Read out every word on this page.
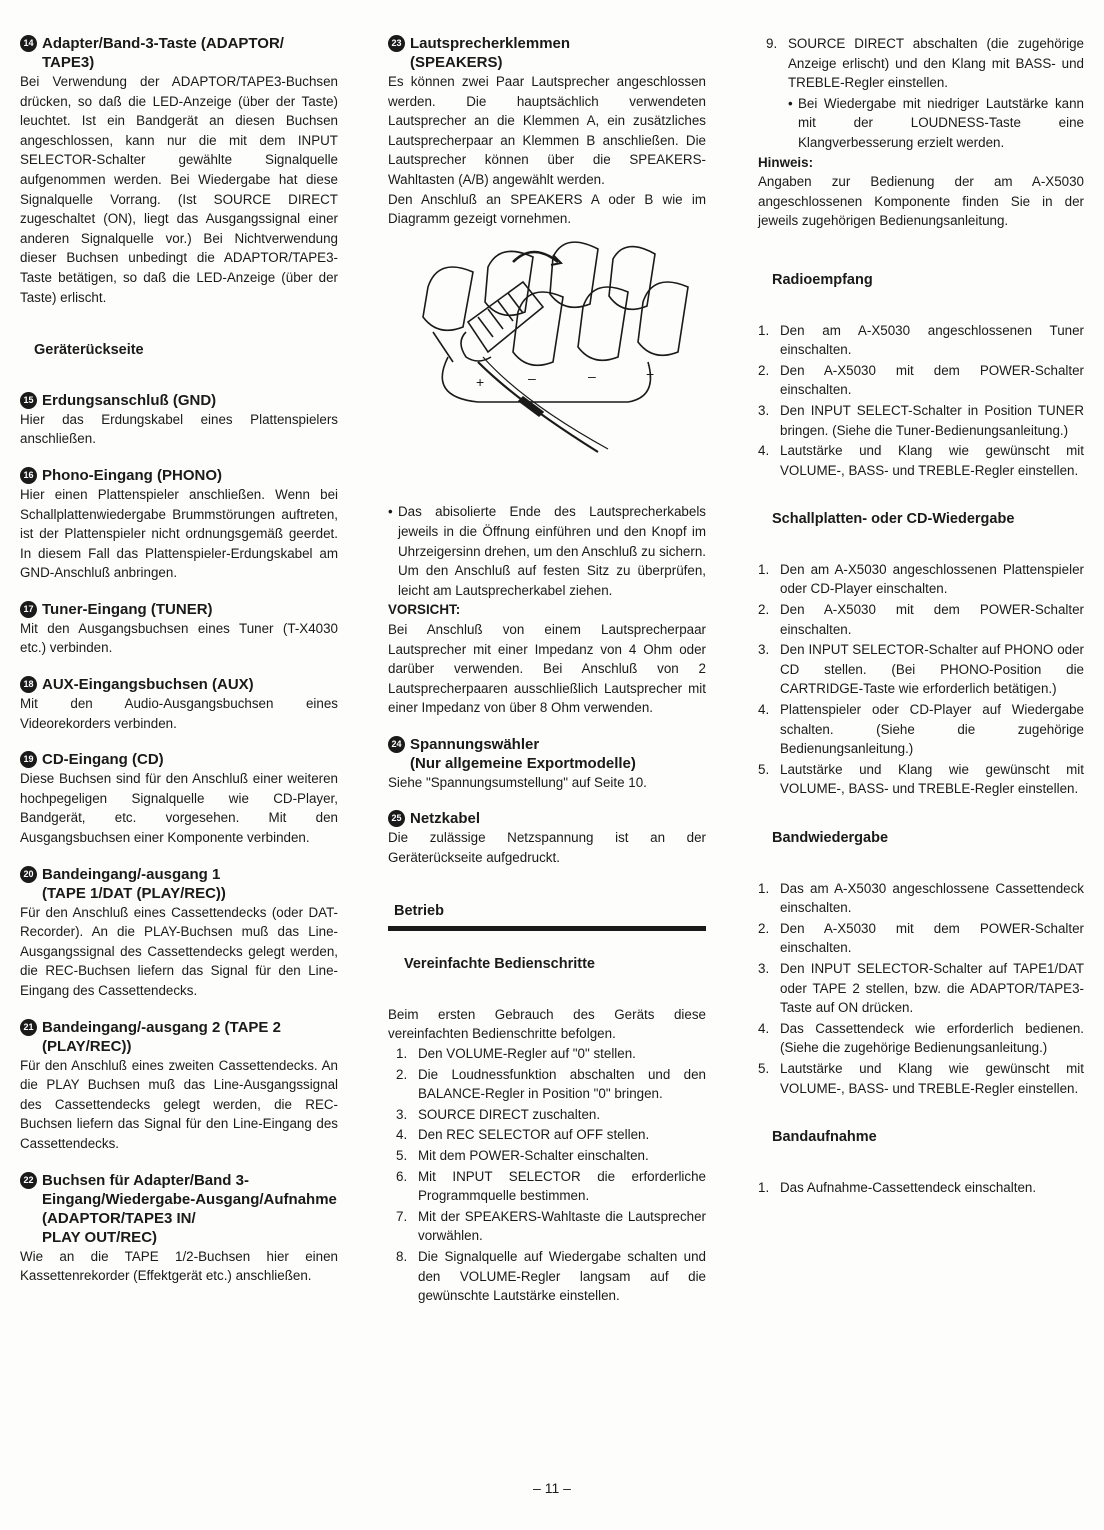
14 Adapter/Band-3-Taste (ADAPTOR/
TAPE3)
Bei Verwendung der ADAPTOR/TAPE3-Buchsen drücken, so daß die LED-Anzeige (über der Taste) leuchtet. Ist ein Bandgerät an diesen Buchsen angeschlossen, kann nur die mit dem INPUT SELECTOR-Schalter gewählte Signalquelle aufgenommen werden. Bei Wiedergabe hat diese Signalquelle Vorrang. (Ist SOURCE DIRECT zugeschaltet (ON), liegt das Ausgangssignal einer anderen Signalquelle vor.) Bei Nichtverwendung dieser Buchsen unbedingt die ADAPTOR/TAPE3-Taste betätigen, so daß die LED-Anzeige (über der Taste) erlischt.
Geräterückseite
15 Erdungsanschluß (GND)
Hier das Erdungskabel eines Plattenspielers anschließen.
16 Phono-Eingang (PHONO)
Hier einen Plattenspieler anschließen. Wenn bei Schallplattenwiedergabe Brummstörungen auftreten, ist der Plattenspieler nicht ordnungsgemäß geerdet. In diesem Fall das Plattenspieler-Erdungskabel am GND-Anschluß anbringen.
17 Tuner-Eingang (TUNER)
Mit den Ausgangsbuchsen eines Tuner (T-X4030 etc.) verbinden.
18 AUX-Eingangsbuchsen (AUX)
Mit den Audio-Ausgangsbuchsen eines Videorekorders verbinden.
19 CD-Eingang (CD)
Diese Buchsen sind für den Anschluß einer weiteren hochpegeligen Signalquelle wie CD-Player, Bandgerät, etc. vorgesehen. Mit den Ausgangsbuchsen einer Komponente verbinden.
20 Bandeingang/-ausgang 1
(TAPE 1/DAT (PLAY/REC))
Für den Anschluß eines Cassettendecks (oder DAT-Recorder). An die PLAY-Buchsen muß das Line-Ausgangssignal des Cassettendecks gelegt werden, die REC-Buchsen liefern das Signal für den Line-Eingang des Cassettendecks.
21 Bandeingang/-ausgang 2 (TAPE 2
(PLAY/REC))
Für den Anschluß eines zweiten Cassettendecks. An die PLAY Buchsen muß das Line-Ausgangssignal des Cassettendecks gelegt werden, die REC-Buchsen liefern das Signal für den Line-Eingang des Cassettendecks.
22 Buchsen für Adapter/Band 3-Eingang/Wiedergabe-Ausgang/Aufnahme (ADAPTOR/TAPE3 IN/
PLAY OUT/REC)
Wie an die TAPE 1/2-Buchsen hier einen Kassettenrekorder (Effektgerät etc.) anschließen.
23 Lautsprecherklemmen
(SPEAKERS)
Es können zwei Paar Lautsprecher angeschlossen werden. Die hauptsächlich verwendeten Lautsprecher an die Klemmen A, ein zusätzliches Lautsprecherpaar an Klemmen B anschließen. Die Lautsprecher können über die SPEAKERS-Wahltasten (A/B) angewählt werden.
Den Anschluß an SPEAKERS A oder B wie im Diagramm gezeigt vornehmen.
+	–	–	+
• Das abisolierte Ende des Lautsprecherkabels jeweils in die Öffnung einführen und den Knopf im Uhrzeigersinn drehen, um den Anschluß zu sichern. Um den Anschluß auf festen Sitz zu überprüfen, leicht am Lautsprecherkabel ziehen.
VORSICHT:
Bei Anschluß von einem Lautsprecherpaar Lautsprecher mit einer Impedanz von 4 Ohm oder darüber verwenden. Bei Anschluß von 2 Lautsprecherpaaren ausschließlich Lautsprecher mit einer Impedanz von über 8 Ohm verwenden.
24 Spannungswähler
(Nur allgemeine Exportmodelle)
Siehe "Spannungsumstellung" auf Seite 10.
25 Netzkabel
Die zulässige Netzspannung ist an der Geräterückseite aufgedruckt.
Betrieb
Vereinfachte Bedienschritte
Beim ersten Gebrauch des Geräts diese vereinfachten Bedienschritte befolgen.
1. Den VOLUME-Regler auf "0" stellen.
2. Die Loudnessfunktion abschalten und den BALANCE-Regler in Position "0" bringen.
3. SOURCE DIRECT zuschalten.
4. Den REC SELECTOR auf OFF stellen.
5. Mit dem POWER-Schalter einschalten.
6. Mit INPUT SELECTOR die erforderliche Programmquelle bestimmen.
7. Mit der SPEAKERS-Wahltaste die Lautsprecher vorwählen.
8. Die Signalquelle auf Wiedergabe schalten und den VOLUME-Regler langsam auf die gewünschte Lautstärke einstellen.
9. SOURCE DIRECT abschalten (die zugehörige Anzeige erlischt) und den Klang mit BASS- und TREBLE-Regler einstellen.
• Bei Wiedergabe mit niedriger Lautstärke kann mit der LOUDNESS-Taste eine Klangverbesserung erzielt werden.
Hinweis:
Angaben zur Bedienung der am A-X5030 angeschlossenen Komponente finden Sie in der jeweils zugehörigen Bedienungsanleitung.
Radioempfang
1. Den am A-X5030 angeschlossenen Tuner einschalten.
2. Den A-X5030 mit dem POWER-Schalter einschalten.
3. Den INPUT SELECT-Schalter in Position TUNER bringen. (Siehe die Tuner-Bedienungsanleitung.)
4. Lautstärke und Klang wie gewünscht mit VOLUME-, BASS- und TREBLE-Regler einstellen.
Schallplatten- oder CD-Wiedergabe
1. Den am A-X5030 angeschlossenen Plattenspieler oder CD-Player einschalten.
2. Den A-X5030 mit dem POWER-Schalter einschalten.
3. Den INPUT SELECTOR-Schalter auf PHONO oder CD stellen. (Bei PHONO-Position die CARTRIDGE-Taste wie erforderlich betätigen.)
4. Plattenspieler oder CD-Player auf Wiedergabe schalten. (Siehe die zugehörige Bedienungsanleitung.)
5. Lautstärke und Klang wie gewünscht mit VOLUME-, BASS- und TREBLE-Regler einstellen.
Bandwiedergabe
1. Das am A-X5030 angeschlossene Cassettendeck einschalten.
2. Den A-X5030 mit dem POWER-Schalter einschalten.
3. Den INPUT SELECTOR-Schalter auf TAPE1/DAT oder TAPE 2 stellen, bzw. die ADAPTOR/TAPE3-Taste auf ON drücken.
4. Das Cassettendeck wie erforderlich bedienen. (Siehe die zugehörige Bedienungsanleitung.)
5. Lautstärke und Klang wie gewünscht mit VOLUME-, BASS- und TREBLE-Regler einstellen.
Bandaufnahme
1. Das Aufnahme-Cassettendeck einschalten.
– 11 –
